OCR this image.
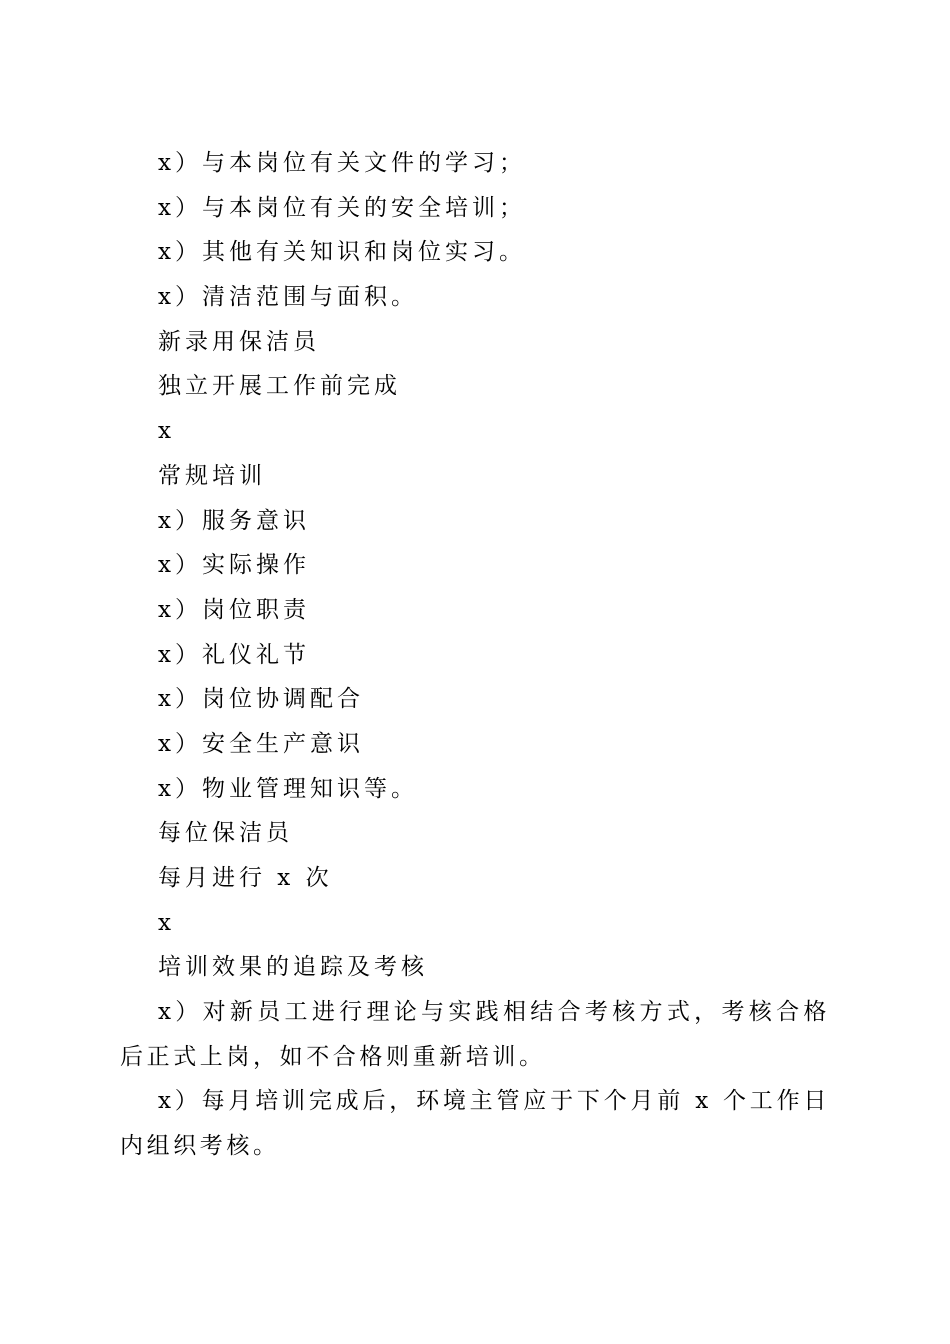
x）与本岗位有关文件的学习；
x）与本岗位有关的安全培训；
x）其他有关知识和岗位实习。
x）清洁范围与面积。
新录用保洁员
独立开展工作前完成
x
常规培训
x）服务意识
x）实际操作
x）岗位职责
x）礼仪礼节
x）岗位协调配合
x）安全生产意识
x）物业管理知识等。
每位保洁员
每月进行 x 次
x
培训效果的追踪及考核
x）对新员工进行理论与实践相结合考核方式，考核合格后正式上岗，如不合格则重新培训。
x）每月培训完成后，环境主管应于下个月前 x 个工作日内组织考核。
